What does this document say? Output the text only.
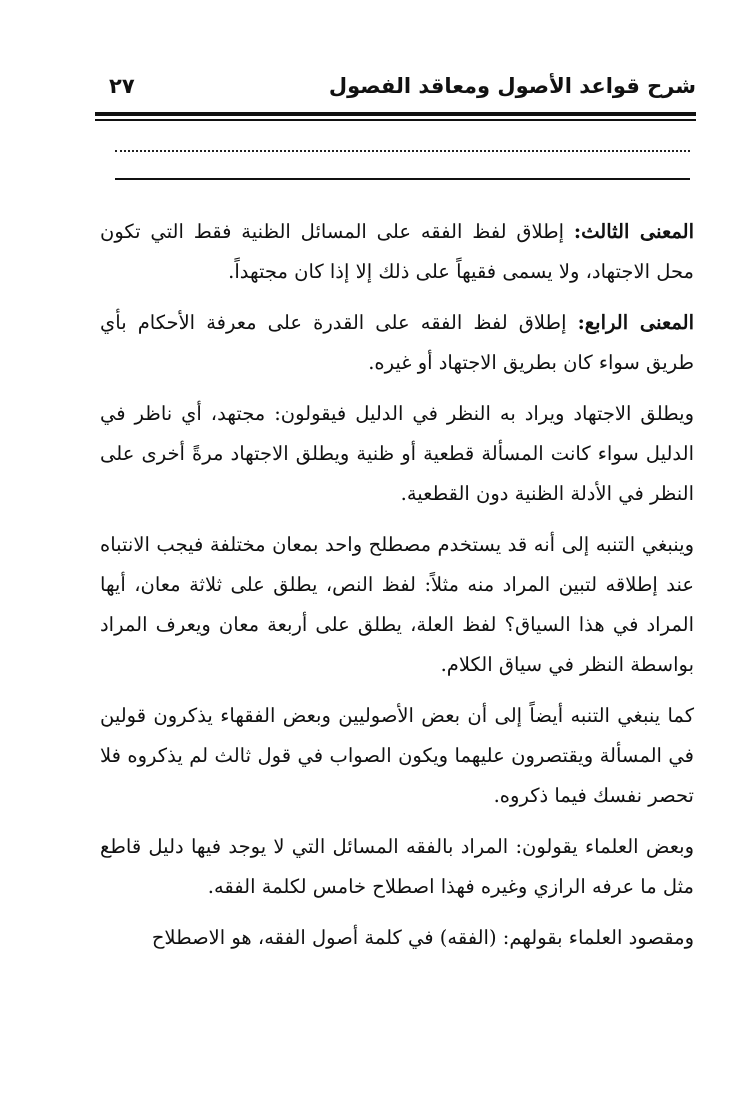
شرح قواعد الأصول ومعاقد الفصول
٢٧

المعنى الثالث: إطلاق لفظ الفقه على المسائل الظنية فقط التي تكون محل الاجتهاد، ولا يسمى فقيهاً على ذلك إلا إذا كان مجتهداً.

المعنى الرابع: إطلاق لفظ الفقه على القدرة على معرفة الأحكام بأي طريق سواء كان بطريق الاجتهاد أو غيره.

ويطلق الاجتهاد ويراد به النظر في الدليل فيقولون: مجتهد، أي ناظر في الدليل سواء كانت المسألة قطعية أو ظنية ويطلق الاجتهاد مرةً أخرى على النظر في الأدلة الظنية دون القطعية.

وينبغي التنبه إلى أنه قد يستخدم مصطلح واحد بمعان مختلفة فيجب الانتباه عند إطلاقه لتبين المراد منه مثلاً: لفظ النص، يطلق على ثلاثة معان، أيها المراد في هذا السياق؟ لفظ العلة، يطلق على أربعة معان ويعرف المراد بواسطة النظر في سياق الكلام.

كما ينبغي التنبه أيضاً إلى أن بعض الأصوليين وبعض الفقهاء يذكرون قولين في المسألة ويقتصرون عليهما ويكون الصواب في قول ثالث لم يذكروه فلا تحصر نفسك فيما ذكروه.

وبعض العلماء يقولون: المراد بالفقه المسائل التي لا يوجد فيها دليل قاطع مثل ما عرفه الرازي وغيره فهذا اصطلاح خامس لكلمة الفقه.

ومقصود العلماء بقولهم: (الفقه) في كلمة أصول الفقه، هو الاصطلاح
